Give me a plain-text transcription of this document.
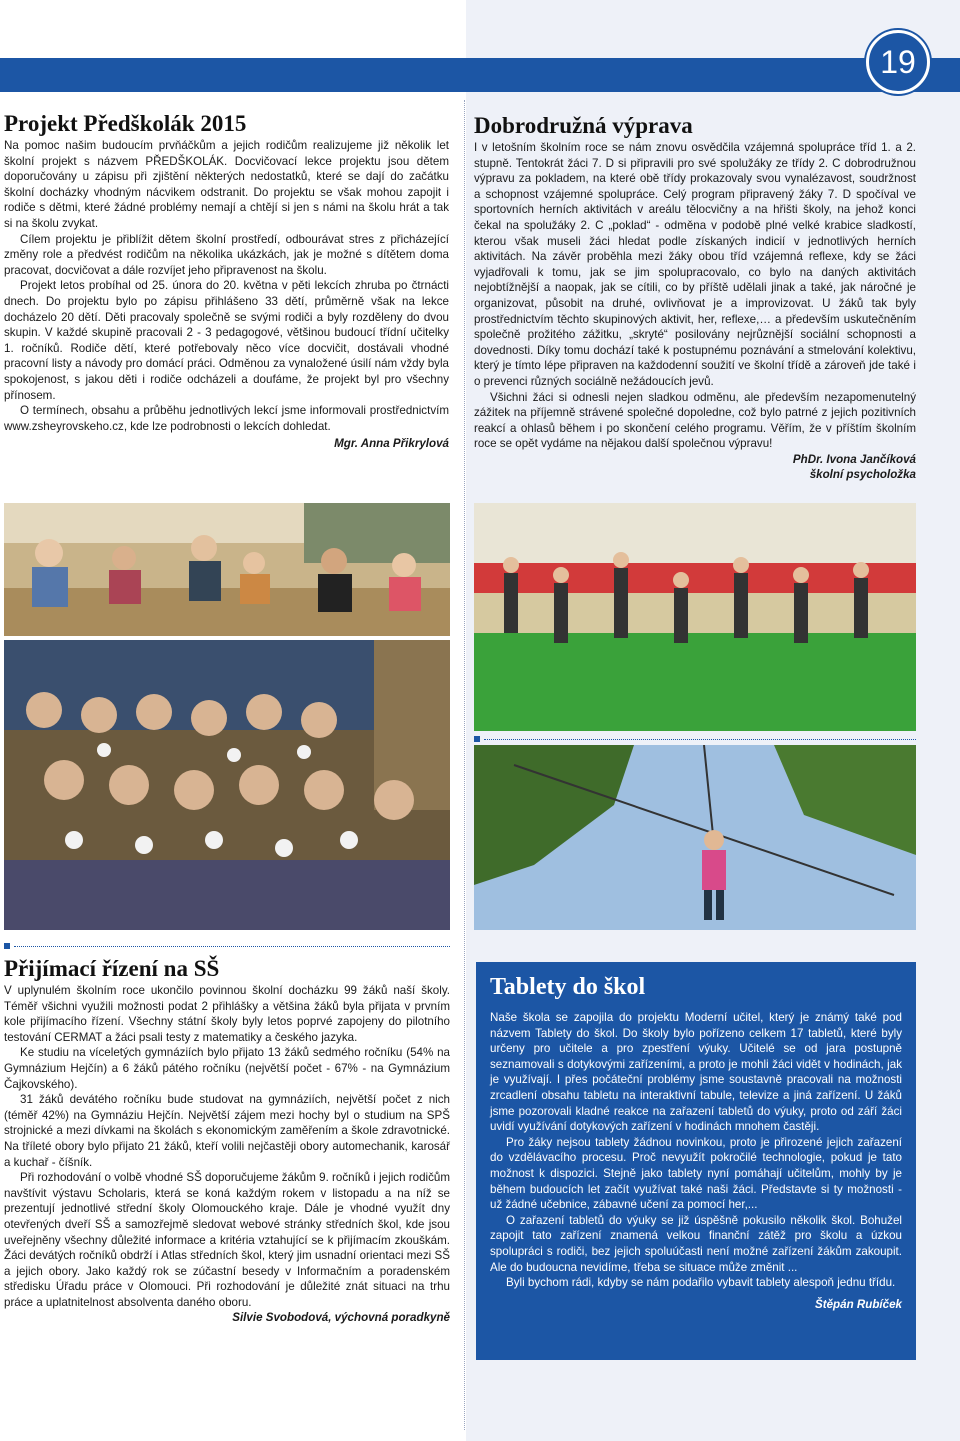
19
Projekt Předškolák 2015

Na pomoc našim budoucím prvňáčkům a jejich rodičům realizujeme již několik let školní projekt s názvem PŘEDŠKOLÁK. Docvičovací lekce projektu jsou dětem doporučovány u zápisu při zjištění některých nedostatků, které se dají do začátku školní docházky vhodným nácvikem odstranit. Do projektu se však mohou zapojit i rodiče s dětmi, které žádné problémy nemají a chtějí si jen s námi na školu hrát a tak si na školu zvykat.

Cílem projektu je přiblížit dětem školní prostředí, odbourávat stres z přicházející změny role a předvést rodičům na několika ukázkách, jak je možné s dítětem doma pracovat, docvičovat a dále rozvíjet jeho připravenost na školu.

Projekt letos probíhal od 25. února do 20. května v pěti lekcích zhruba po čtrnácti dnech. Do projektu bylo po zápisu přihlášeno 33 dětí, průměrně však na lekce docházelo 20 dětí. Děti pracovaly společně se svými rodiči a byly rozděleny do dvou skupin. V každé skupině pracovali 2 - 3 pedagogové, většinou budoucí třídní učitelky 1. ročníků. Rodiče dětí, které potřebovaly něco více docvičit, dostávali vhodné pracovní listy a návody pro domácí práci. Odměnou za vynaložené úsilí nám vždy byla spokojenost, s jakou děti i rodiče odcházeli a doufáme, že projekt byl pro všechny přínosem.

O termínech, obsahu a průběhu jednotlivých lekcí jsme informovali prostřednictvím www.zsheyrovskeho.cz, kde lze podrobnosti o lekcích dohledat.

Mgr. Anna Přikrylová

Dobrodružná výprava

I v letošním školním roce se nám znovu osvědčila vzájemná spolupráce tříd 1. a 2. stupně. Tentokrát žáci 7. D si připravili pro své spolužáky ze třídy 2. C dobrodružnou výpravu za pokladem, na které obě třídy prokazovaly svou vynalézavost, soudržnost a schopnost vzájemné spolupráce. Celý program připravený žáky 7. D spočíval ve sportovních herních aktivitách v areálu tělocvičny a na hřišti školy, na jehož konci čekal na spolužáky 2. C „poklad“ - odměna v podobě plné velké krabice sladkostí, kterou však museli žáci hledat podle získaných indicií v jednotlivých herních aktivitách. Na závěr proběhla mezi žáky obou tříd vzájemná reflexe, kdy se žáci vyjadřovali k tomu, jak se jim spolupracovalo, co bylo na daných aktivitách nejobtížnější a naopak, jak se cítili, co by příště udělali jinak a také, jak náročné je organizovat, působit na druhé, ovlivňovat je a improvizovat. U žáků tak byly prostřednictvím těchto skupinových aktivit, her, reflexe,… a především uskutečněním společně prožitého zážitku, „skryté“ posilovány nejrůznější sociální schopnosti a dovednosti. Díky tomu dochází také k postupnému poznávání a stmelování kolektivu, který je tímto lépe připraven na každodenní soužití ve školní třídě a zároveň jde také i o prevenci různých sociálně nežádoucích jevů.

Všichni žáci si odnesli nejen sladkou odměnu, ale především nezapomenutelný zážitek na příjemně strávené společné dopoledne, což bylo patrné z jejich pozitivních reakcí a ohlasů během i po skončení celého programu. Věřím, že v příštím školním roce se opět vydáme na nějakou další společnou výpravu!

PhDr. Ivona Jančíková

školní psycholožka

Přijímací řízení na SŠ

V uplynulém školním roce ukončilo povinnou školní docházku 99 žáků naší školy. Téměř všichni využili možnosti podat 2 přihlášky a většina žáků byla přijata v prvním kole přijímacího řízení. Všechny státní školy byly letos poprvé zapojeny do pilotního testování CERMAT a žáci psali testy z matematiky a českého jazyka.

Ke studiu na víceletých gymnáziích bylo přijato 13 žáků sedmého ročníku (54% na Gymnázium Hejčín) a 6 žáků pátého ročníku (největší počet - 67% - na Gymnázium Čajkovského).

31 žáků devátého ročníku bude studovat na gymnáziích, největší počet z nich (téměř 42%) na Gymnáziu Hejčín. Největší zájem mezi hochy byl o studium na SPŠ strojnické a mezi dívkami na školách s ekonomickým zaměřením a škole zdravotnické. Na tříleté obory bylo přijato 21 žáků, kteří volili nejčastěji obory automechanik, karosář a kuchař - číšník.

Při rozhodování o volbě vhodné SŠ doporučujeme žákům 9. ročníků i jejich rodičům navštívit výstavu Scholaris, která se koná každým rokem v listopadu a na níž se prezentují jednotlivé střední školy Olomouckého kraje. Dále je vhodné využít dny otevřených dveří SŠ a samozřejmě sledovat webové stránky středních škol, kde jsou uveřejněny všechny důležité informace a kritéria vztahující se k přijímacím zkouškám. Žáci devátých ročníků obdrží i Atlas středních škol, který jim usnadní orientaci mezi SŠ a jejich obory. Jako každý rok se zúčastní besedy v Informačním a poradenském středisku Úřadu práce v Olomouci. Při rozhodování je důležité znát situaci na trhu práce a uplatnitelnost absolventa daného oboru.

Silvie Svobodová, výchovná poradkyně

Tablety do škol

Naše škola se zapojila do projektu Moderní učitel, který je známý také pod názvem Tablety do škol. Do školy bylo pořízeno celkem 17 tabletů, které byly určeny pro učitele a pro zpestření výuky. Učitelé se od jara postupně seznamovali s dotykovými zařízeními, a proto je mohli žáci vidět v hodinách, jak je využívají. I přes počáteční problémy jsme soustavně pracovali na možnosti zrcadlení obsahu tabletu na interaktivní tabule, televize a jiná zařízení. U žáků jsme pozorovali kladné reakce na zařazení tabletů do výuky, proto od září žáci uvidí využívání dotykových zařízení v hodinách mnohem častěji.

Pro žáky nejsou tablety žádnou novinkou, proto je přirozené jejich zařazení do vzdělávacího procesu. Proč nevyužít pokročilé technologie, pokud je tato možnost k dispozici. Stejně jako tablety nyní pomáhají učitelům, mohly by je během budoucích let začít využívat také naši žáci. Představte si ty možnosti - už žádné učebnice, zábavné učení za pomocí her,...

O zařazení tabletů do výuky se již úspěšně pokusilo několik škol. Bohužel zapojit tato zařízení znamená velkou finanční zátěž pro školu a úzkou spolupráci s rodiči, bez jejich spoluúčasti není možné zařízení žákům zakoupit. Ale do budoucna nevidíme, třeba se situace může změnit ...

Byli bychom rádi, kdyby se nám podařilo vybavit tablety alespoň jednu třídu.

Štěpán Rubíček
